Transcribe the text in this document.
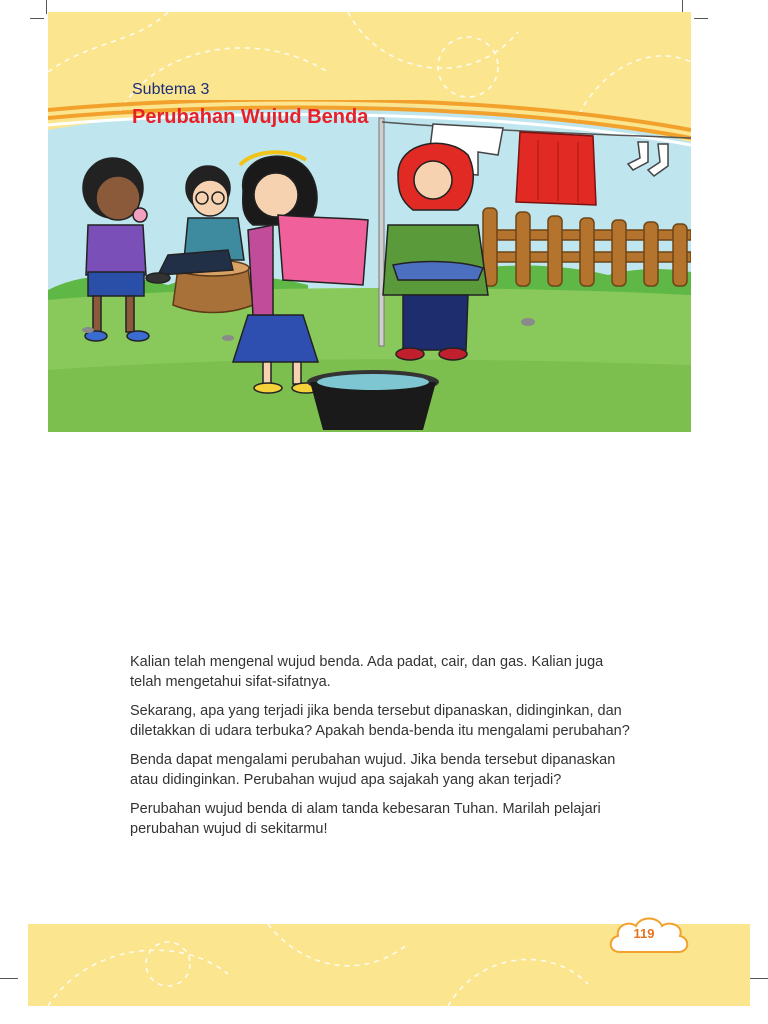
Subtema 3
Perubahan Wujud Benda

Kalian telah mengenal wujud benda. Ada padat, cair, dan gas. Kalian juga telah mengetahui sifat-sifatnya.

Sekarang, apa yang terjadi jika benda tersebut dipanaskan, didinginkan, dan diletakkan di udara terbuka? Apakah benda-benda itu mengalami perubahan?

Benda dapat mengalami perubahan wujud. Jika benda tersebut dipanaskan atau didinginkan. Perubahan wujud apa sajakah yang akan terjadi?

Perubahan wujud benda di alam tanda kebesaran Tuhan. Marilah pelajari perubahan wujud di sekitarmu!

119
